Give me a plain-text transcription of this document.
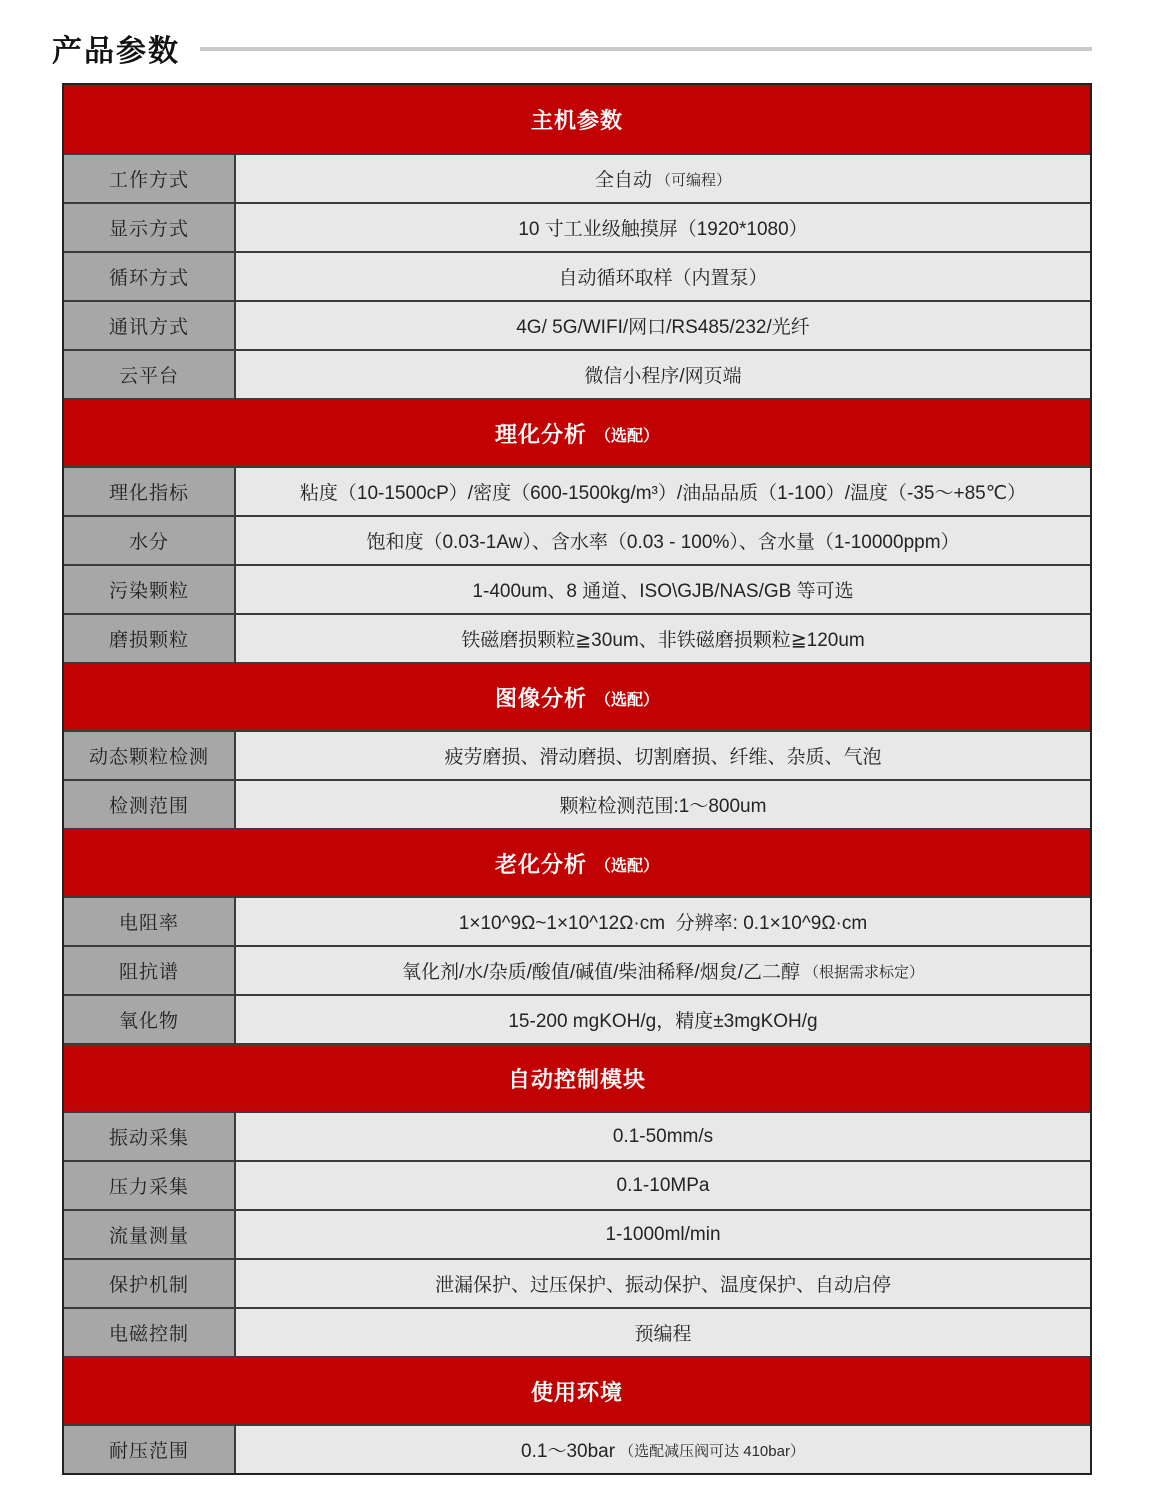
产品参数
主机参数
工作方式	全自动 （可编程）
显示方式	10 寸工业级触摸屏（1920*1080）
循环方式	自动循环取样（内置泵）
通讯方式	4G/ 5G/WIFI/网口/RS485/232/光纤
云平台	微信小程序/网页端
理化分析 （选配）
理化指标	粘度（10-1500cP）/密度（600-1500kg/m³）/油品品质（1-100）/温度（-35～+85℃）
水分	饱和度（0.03-1Aw）、含水率（0.03 - 100%）、含水量（1-10000ppm）
污染颗粒	1-400um、8 通道、ISO\GJB/NAS/GB 等可选
磨损颗粒	铁磁磨损颗粒≧30um、非铁磁磨损颗粒≧120um
图像分析 （选配）
动态颗粒检测	疲劳磨损、滑动磨损、切割磨损、纤维、杂质、气泡
检测范围	颗粒检测范围:1～800um
老化分析 （选配）
电阻率	1×10^9Ω~1×10^12Ω·cm  分辨率: 0.1×10^9Ω·cm
阻抗谱	氧化剂/水/杂质/酸值/碱值/柴油稀释/烟炱/乙二醇 （根据需求标定）
氧化物	15-200 mgKOH/g，精度±3mgKOH/g
自动控制模块
振动采集	0.1-50mm/s
压力采集	0.1-10MPa
流量测量	1-1000ml/min
保护机制	泄漏保护、过压保护、振动保护、温度保护、自动启停
电磁控制	预编程
使用环境
耐压范围	0.1～30bar （选配减压阀可达 410bar）
